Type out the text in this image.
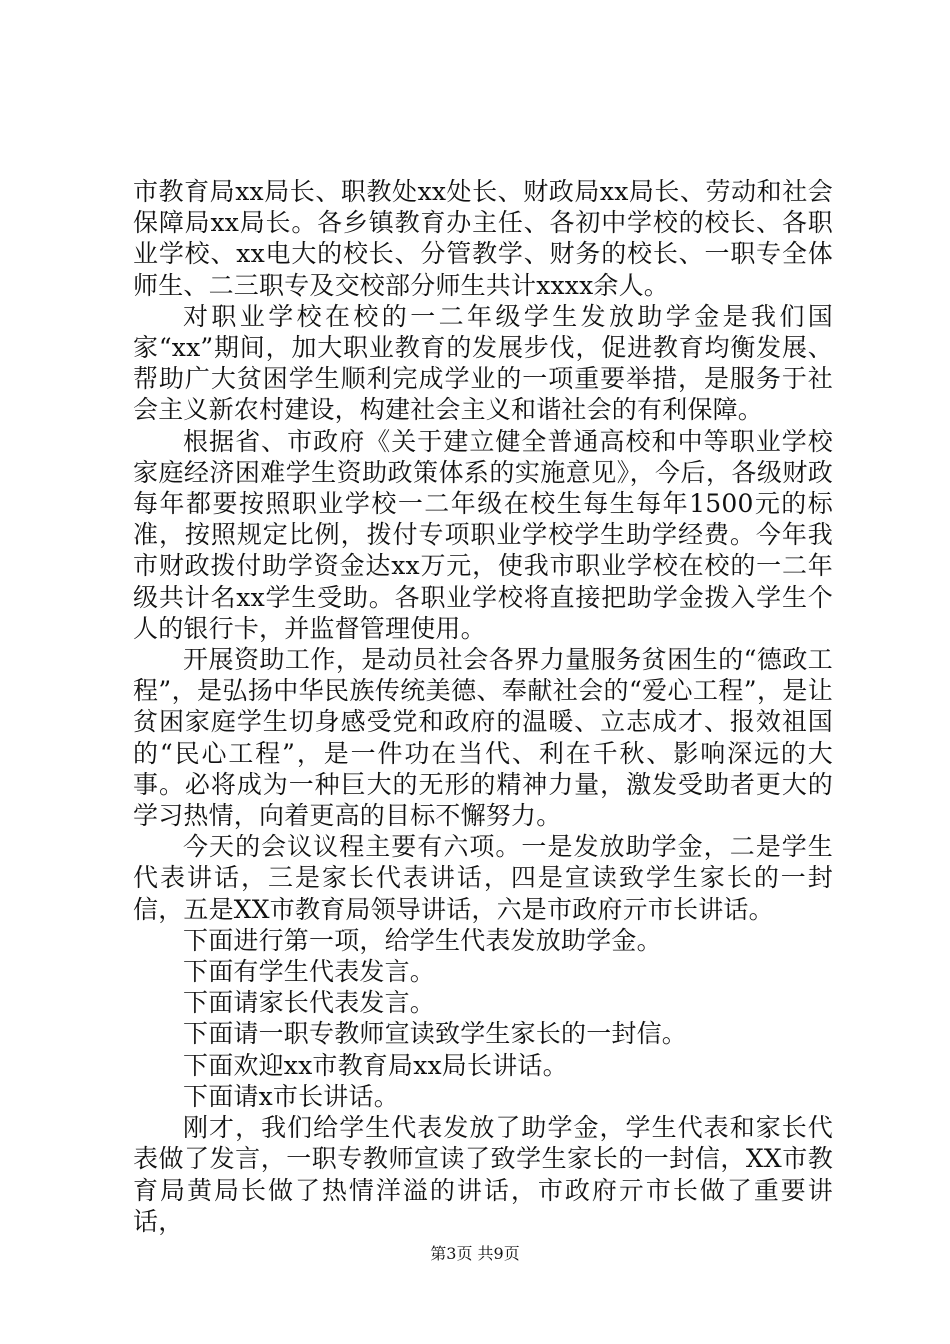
市教育局xx局长、职教处xx处长、财政局xx局长、劳动和社会保障局xx局长。各乡镇教育办主任、各初中学校的校长、各职业学校、xx电大的校长、分管教学、财务的校长、一职专全体师生、二三职专及交校部分师生共计xxxx余人。

对职业学校在校的一二年级学生发放助学金是我们国家“xx”期间，加大职业教育的发展步伐，促进教育均衡发展、帮助广大贫困学生顺利完成学业的一项重要举措，是服务于社会主义新农村建设，构建社会主义和谐社会的有利保障。

根据省、市政府《关于建立健全普通高校和中等职业学校家庭经济困难学生资助政策体系的实施意见》，今后，各级财政每年都要按照职业学校一二年级在校生每生每年1500元的标准，按照规定比例，拨付专项职业学校学生助学经费。今年我市财政拨付助学资金达xx万元，使我市职业学校在校的一二年级共计名xx学生受助。各职业学校将直接把助学金拨入学生个人的银行卡，并监督管理使用。

开展资助工作，是动员社会各界力量服务贫困生的“德政工程”，是弘扬中华民族传统美德、奉献社会的“爱心工程”，是让贫困家庭学生切身感受党和政府的温暖、立志成才、报效祖国的“民心工程”，是一件功在当代、利在千秋、影响深远的大事。必将成为一种巨大的无形的精神力量，激发受助者更大的学习热情，向着更高的目标不懈努力。

今天的会议议程主要有六项。一是发放助学金，二是学生代表讲话，三是家长代表讲话，四是宣读致学生家长的一封信，五是XX市教育局领导讲话，六是市政府亓市长讲话。

下面进行第一项，给学生代表发放助学金。

下面有学生代表发言。

下面请家长代表发言。

下面请一职专教师宣读致学生家长的一封信。

下面欢迎xx市教育局xx局长讲话。

下面请x市长讲话。

刚才，我们给学生代表发放了助学金，学生代表和家长代表做了发言，一职专教师宣读了致学生家长的一封信，XX市教育局黄局长做了热情洋溢的讲话，市政府亓市长做了重要讲话，

第3页 共9页
